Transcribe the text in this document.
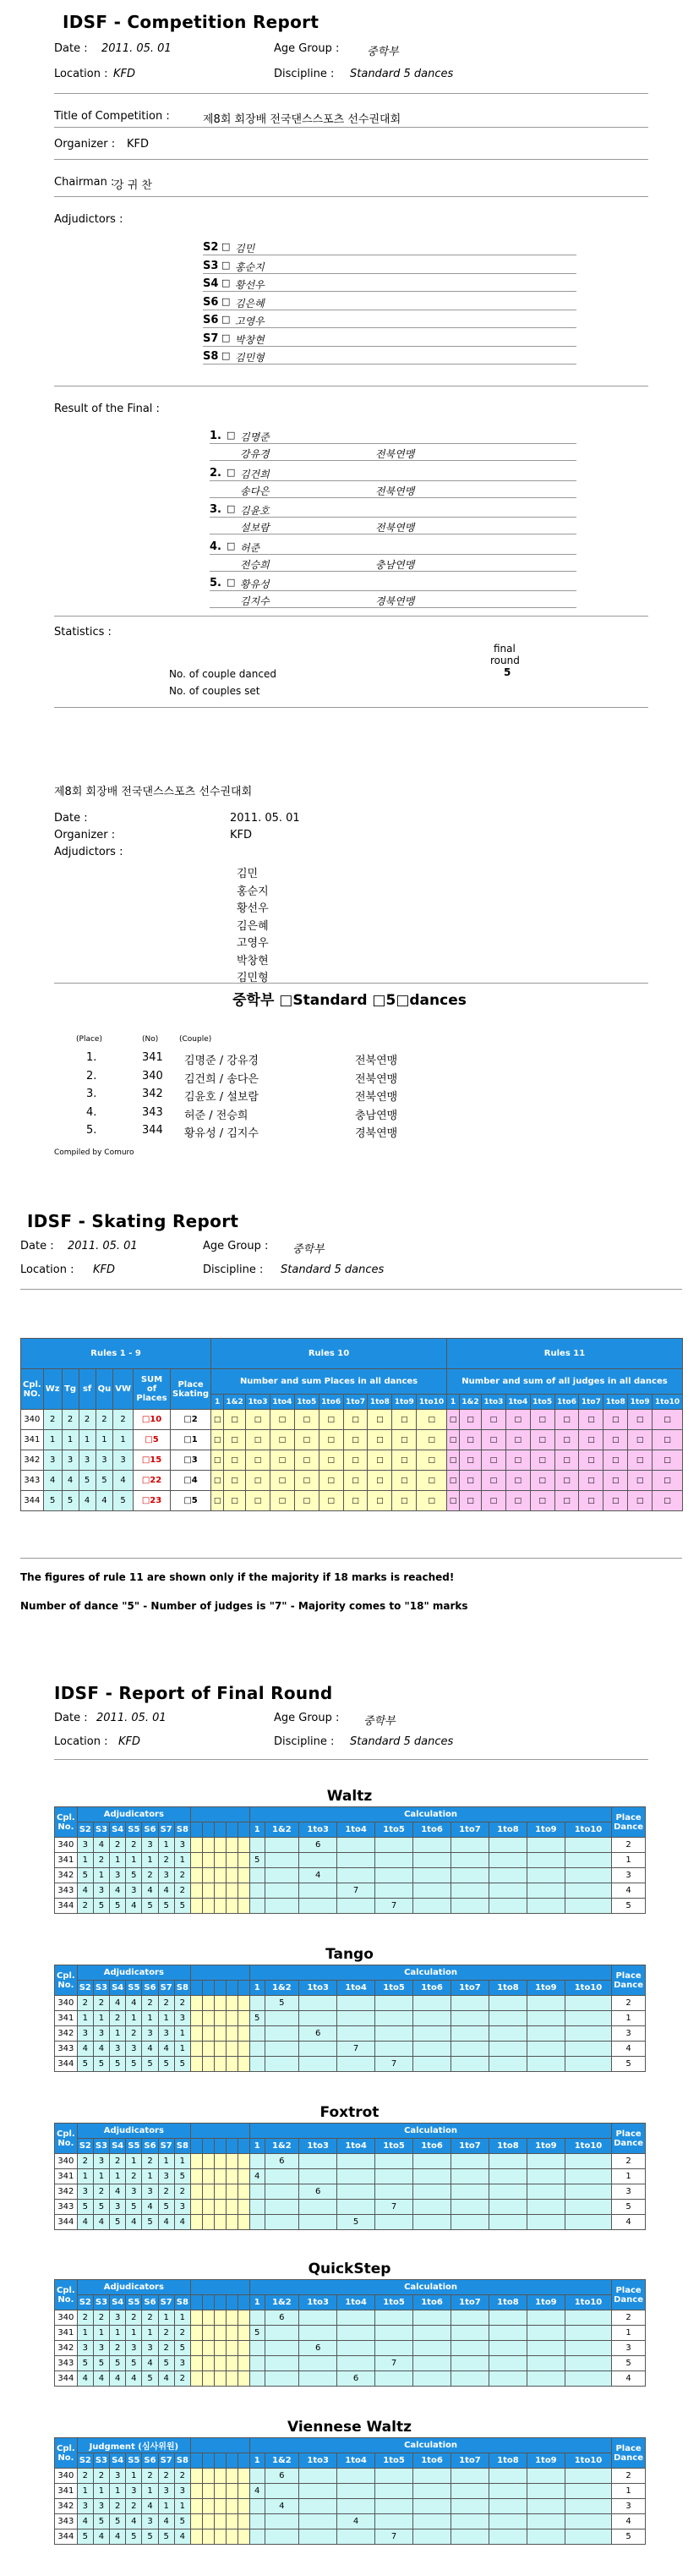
IDSF - Competition Report
Date : 2011. 05. 01	Age Group :	중학부
Location : KFD	Discipline : Standard 5 dances
Title of Competition :	제8회 회장배 전국댄스스포츠 선수권대회
Organizer : KFD
Chairman :
강 귀 찬
Adjudictors :
S2 □ 김민
S3 □ 홍순지
S4 □ 황선우
S6 □ 김은혜
S6 □ 고영우
S7 □ 박창현
S8 □ 김민형
Result of the Final :
1. □ 김명준
강유경	전북연맹
2. □ 김건희
송다은	전북연맹
3. □ 김윤호
설보람	전북연맹
4. □ 허준
전승희	충남연맹
5. □ 황유성
김지수	경북연맹
Statistics :
final
round
5
No. of couple danced
No. of couples set
제8회 회장배 전국댄스스포츠 선수권대회
Date :	2011. 05. 01
Organizer :	KFD
Adjudictors :
김민
홍순지
황선우
김은혜
고영우
박창현
김민형
중학부 □Standard □5□dances
(Place)	(No)	(Couple)
1.	341 김명준 / 강유경	전북연맹
2.	340 김건희 / 송다은	전북연맹
3.	342 김윤호 / 설보람	전북연맹
4.	343 허준 / 전승희	충남연맹
5.	344 황유성 / 김지수	경북연맹
Compiled by Comuro
IDSF - Skating Report
Date : 2011. 05. 01	Age Group : 중학부
Location : KFD	Discipline : Standard 5 dances
Rules 1 - 9								Rules 10										Rules 11									
Cpl. NO.	Wz	Tg	sf	Qu	VW	SUM of Places	Place Skating	Number and sum Places in all dances										Number and sum of all judges in all dances									
								1	1&2	1to3	1to4	1to5	1to6	1to7	1to8	1to9	1to10	1	1&2	1to3	1to4	1to5	1to6	1to7	1to8	1to9	1to10
340	2	2	2	2	2	□10	□2	□	□	□	□	□	□	□	□	□	□	□	□	□	□	□	□	□	□	□	□
341	1	1	1	1	1	□5	□1	□	□	□	□	□	□	□	□	□	□	□	□	□	□	□	□	□	□	□	□
342	3	3	3	3	3	□15	□3	□	□	□	□	□	□	□	□	□	□	□	□	□	□	□	□	□	□	□	□
343	4	4	5	5	4	□22	□4	□	□	□	□	□	□	□	□	□	□	□	□	□	□	□	□	□	□	□	□
344	5	5	4	4	5	□23	□5	□	□	□	□	□	□	□	□	□	□	□	□	□	□	□	□	□	□	□	□
The figures of rule 11 are shown only if the majority if 18 marks is reached!
Number of dance "5" - Number of judges is "7" - Majority comes to "18" marks
IDSF - Report of Final Round
Date : 2011. 05. 01	Age Group : 중학부
Location : KFD	Discipline : Standard 5 dances
Waltz
Cpl. No.	Adjudicators												Calculation										Place Dance
	S2	S3	S4	S5	S6	S7	S8						1	1&2	1to3	1to4	1to5	1to6	1to7	1to8	1to9	1to10	
340	3	4	2	2	3	1	3								6								2
341	1	2	1	1	1	2	1						5										1
342	5	1	3	5	2	3	2								4								3
343	4	3	4	3	4	4	2									7							4
344	2	5	5	4	5	5	5										7						5
Tango
Cpl. No.	Adjudicators												Calculation										Place Dance
	S2	S3	S4	S5	S6	S7	S8						1	1&2	1to3	1to4	1to5	1to6	1to7	1to8	1to9	1to10	
340	2	2	4	4	2	2	2							5									2
341	1	1	2	1	1	1	3						5										1
342	3	3	1	2	3	3	1								6								3
343	4	4	3	3	4	4	1									7							4
344	5	5	5	5	5	5	5										7						5
Foxtrot
Cpl. No.	Adjudicators												Calculation										Place Dance
	S2	S3	S4	S5	S6	S7	S8						1	1&2	1to3	1to4	1to5	1to6	1to7	1to8	1to9	1to10	
340	2	3	2	1	2	1	1							6									2
341	1	1	1	2	1	3	5						4										1
342	3	2	4	3	3	2	2								6								3
343	5	5	3	5	4	5	3										7						5
344	4	4	5	4	5	4	4									5							4
QuickStep
Cpl. No.	Adjudicators												Calculation										Place Dance
	S2	S3	S4	S5	S6	S7	S8						1	1&2	1to3	1to4	1to5	1to6	1to7	1to8	1to9	1to10	
340	2	2	3	2	2	1	1							6									2
341	1	1	1	1	1	2	2						5										1
342	3	3	2	3	3	2	5								6								3
343	5	5	5	5	4	5	3										7						5
344	4	4	4	4	5	4	2									6							4
Viennese Waltz
Cpl. No.	Judgment (심사위원)												Calculation										Place Dance
	S2	S3	S4	S5	S6	S7	S8						1	1&2	1to3	1to4	1to5	1to6	1to7	1to8	1to9	1to10	
340	2	2	3	1	2	2	2							6									2
341	1	1	1	3	1	3	3						4										1
342	3	3	2	2	4	1	1							4									3
343	4	5	5	4	3	4	5									4							4
344	5	4	4	5	5	5	4										7						5
